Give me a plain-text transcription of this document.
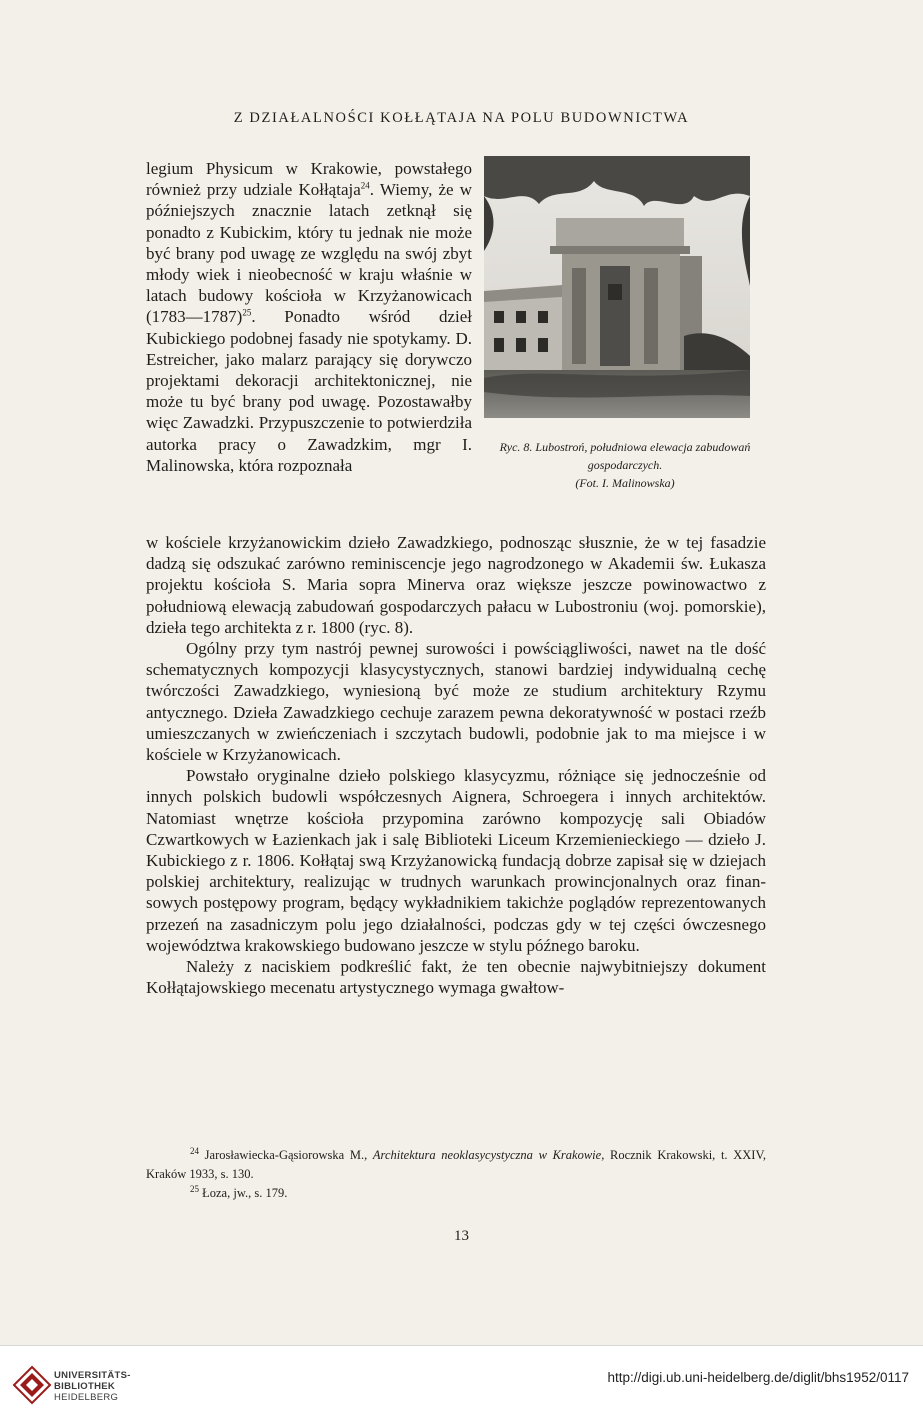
Z DZIAŁALNOŚCI KOŁŁĄTAJA NA POLU BUDOWNICTWA
legium Physicum w Krakowie, powstałego również przy udziale Kołłątaja$^{24}$. Wiemy, że w późniejszych znacznie latach zetknął się ponadto z Kubickim, który tu jednak nie może być brany pod uwagę ze względu na swój zbyt młody wiek i nieobecność w kraju właśnie w latach budowy kościoła w Krzyżanowicach (1783—1787)$^{25}$. Ponadto wśród dzieł Kubickiego podobnej fasady nie spotykamy. D. Estreicher, jako malarz parający się dorywczo projektami dekoracji architektonicznej, nie może tu być brany pod uwagę. Pozostawałby więc Zawadzki. Przypuszczenie to potwierdziła autorka pracy o Zawadzkim, mgr I. Malinowska, która rozpoznała

Ryc. 8. Lubostroń, południowa elewacja zabudowań gospodarczych.

(Fot. I. Malinowska)

w kościele krzyżanowickim dzieło Zawadzkiego, podnosząc słusznie, że w tej fasadzie dadzą się odszukać zarówno reminiscencje jego nagrodzonego w Akademii św. Łukasza projektu kościoła S. Maria sopra Minerva oraz większe jeszcze powinowactwo z południową elewacją zabudowań gospodarczych pałacu w Lubostroniu (woj. pomorskie), dzieła tego architekta z r. 1800 (ryc. 8).

Ogólny przy tym nastrój pewnej surowości i powściągliwości, nawet na tle dość schematycznych kompozycji klasycystycznych, stanowi bardziej indywidualną cechę twórczości Zawadzkiego, wyniesioną być może ze studium architektury Rzymu antycznego. Dzieła Zawadzkiego cechuje zarazem pewna dekoratywność w postaci rzeźb umieszczanych w zwieńczeniach i szczytach budowli, podobnie jak to ma miejsce i w kościele w Krzyżanowicach.

Powstało oryginalne dzieło polskiego klasycyzmu, różniące się jednocześnie od innych polskich budowli współczesnych Aignera, Schroegera i innych architektów. Natomiast wnętrze kościoła przypomina zarówno kompozycję sali Obiadów Czwartkowych w Łazienkach jak i salę Biblioteki Liceum Krzemienieckiego — dzieło J. Kubickiego z r. 1806. Kołłątaj swą Krzyżanowicką fundacją dobrze zapisał się w dziejach polskiej architektury, realizując w trudnych warunkach prowincjonalnych oraz finansowych postępowy program, będący wykładnikiem takichże poglądów reprezentowanych przezeń na zasadniczym polu jego działalności, podczas gdy w tej części ówczesnego województwa krakowskiego budowano jeszcze w stylu późnego baroku.

Należy z naciskiem podkreślić fakt, że ten obecnie najwybitniejszy dokument Kołłątajowskiego mecenatu artystycznego wymaga gwałtow-

$^{24}$ Jarosławiecka-Gąsiorowska M., Architektura neoklasycystyczna w Krakowie, Rocznik Krakowski, t. XXIV, Kraków 1933, s. 130.

$^{25}$ Łoza, jw., s. 179.

13
UNIVERSITÄTS-
BIBLIOTHEK
HEIDELBERG
http://digi.ub.uni-heidelberg.de/diglit/bhs1952/0117
